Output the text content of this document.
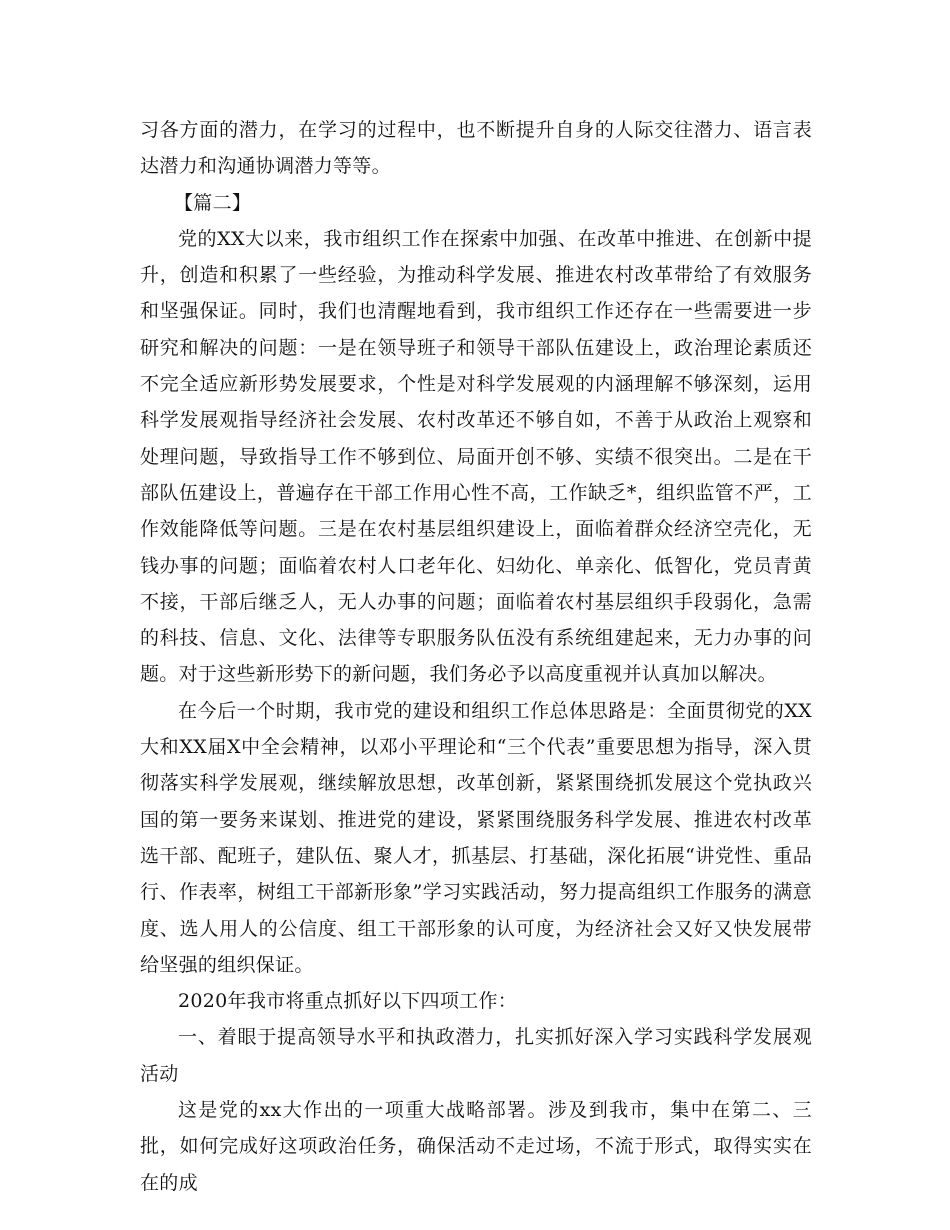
习各方面的潜力，在学习的过程中，也不断提升自身的人际交往潜力、语言表达潜力和沟通协调潜力等等。

【篇二】

党的XX大以来，我市组织工作在探索中加强、在改革中推进、在创新中提升，创造和积累了一些经验，为推动科学发展、推进农村改革带给了有效服务和坚强保证。同时，我们也清醒地看到，我市组织工作还存在一些需要进一步研究和解决的问题：一是在领导班子和领导干部队伍建设上，政治理论素质还不完全适应新形势发展要求，个性是对科学发展观的内涵理解不够深刻，运用科学发展观指导经济社会发展、农村改革还不够自如，不善于从政治上观察和处理问题，导致指导工作不够到位、局面开创不够、实绩不很突出。二是在干部队伍建设上，普遍存在干部工作用心性不高，工作缺乏*，组织监管不严，工作效能降低等问题。三是在农村基层组织建设上，面临着群众经济空壳化，无钱办事的问题；面临着农村人口老年化、妇幼化、单亲化、低智化，党员青黄不接，干部后继乏人，无人办事的问题；面临着农村基层组织手段弱化，急需的科技、信息、文化、法律等专职服务队伍没有系统组建起来，无力办事的问题。对于这些新形势下的新问题，我们务必予以高度重视并认真加以解决。

在今后一个时期，我市党的建设和组织工作总体思路是：全面贯彻党的XX大和XX届X中全会精神，以邓小平理论和“三个代表”重要思想为指导，深入贯彻落实科学发展观，继续解放思想，改革创新，紧紧围绕抓发展这个党执政兴国的第一要务来谋划、推进党的建设，紧紧围绕服务科学发展、推进农村改革选干部、配班子，建队伍、聚人才，抓基层、打基础，深化拓展“讲党性、重品行、作表率，树组工干部新形象”学习实践活动，努力提高组织工作服务的满意度、选人用人的公信度、组工干部形象的认可度，为经济社会又好又快发展带给坚强的组织保证。

2020年我市将重点抓好以下四项工作：

一、着眼于提高领导水平和执政潜力，扎实抓好深入学习实践科学发展观活动

这是党的xx大作出的一项重大战略部署。涉及到我市，集中在第二、三批，如何完成好这项政治任务，确保活动不走过场，不流于形式，取得实实在在的成
